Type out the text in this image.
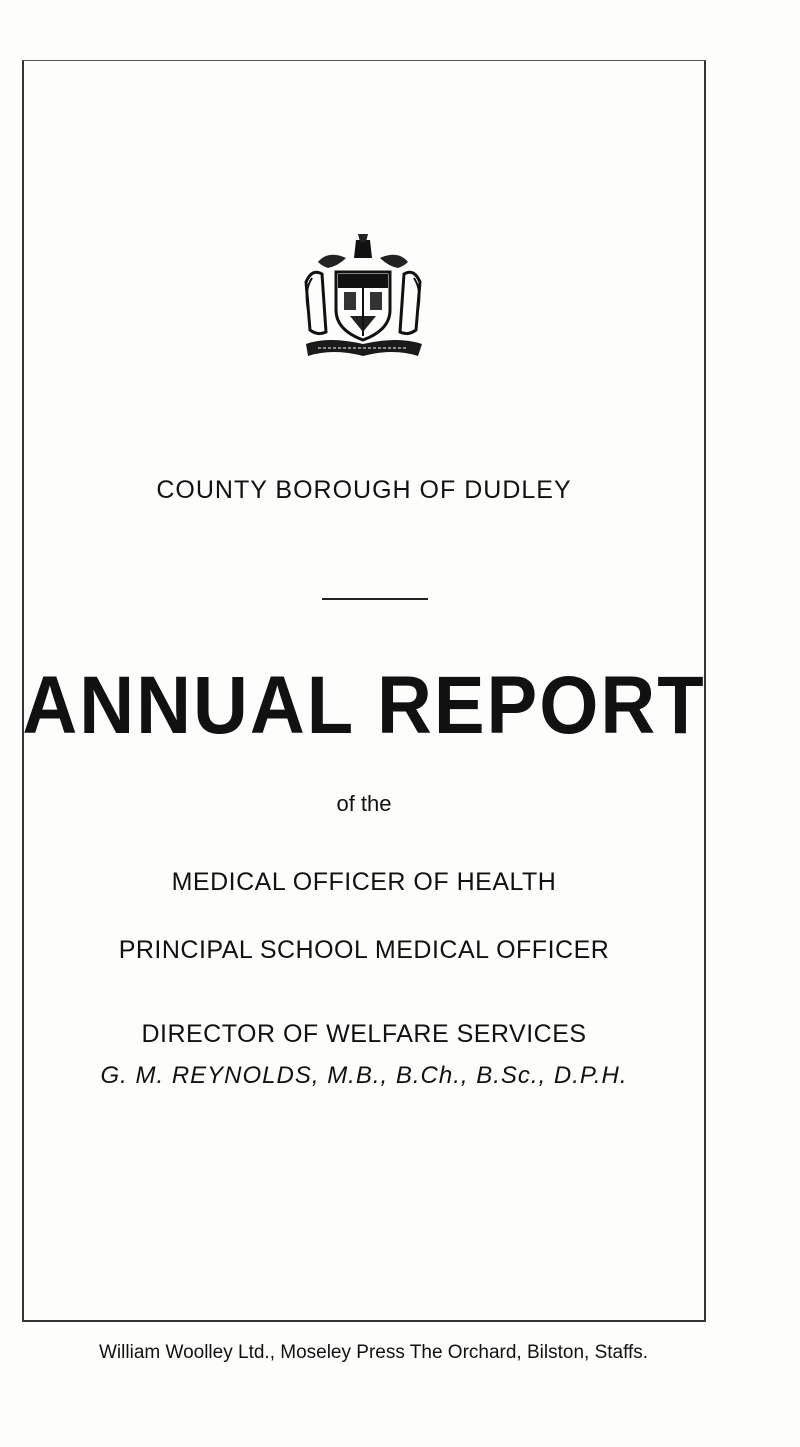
COUNTY BOROUGH OF DUDLEY
ANNUAL REPORT
of the
MEDICAL OFFICER OF HEALTH
PRINCIPAL SCHOOL MEDICAL OFFICER
DIRECTOR OF WELFARE SERVICES
G. M. REYNOLDS, M.B., B.Ch., B.Sc., D.P.H.
William Woolley Ltd., Moseley Press The Orchard, Bilston, Staffs.
